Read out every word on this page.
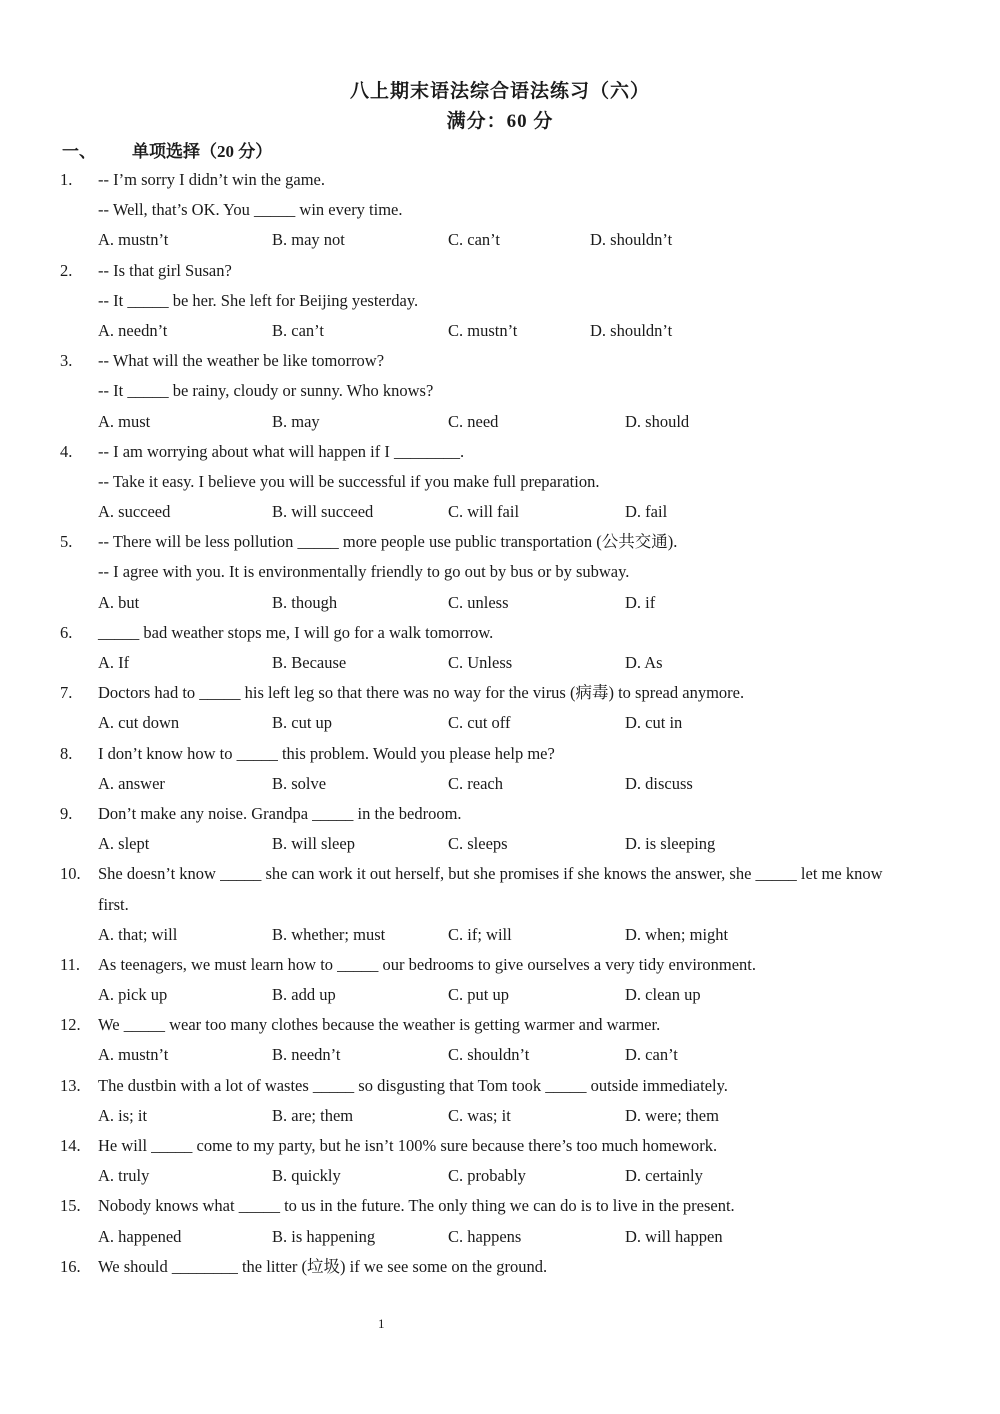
八上期末语法综合语法练习（六）
满分：60 分
一、 单项选择（20 分）
1. -- I’m sorry I didn’t win the game.
-- Well, that’s OK. You _____ win every time.
A. mustn’t	B. may not	C. can’t	D. shouldn’t
2. -- Is that girl Susan?
-- It _____ be her. She left for Beijing yesterday.
A. needn’t	B. can’t	C. mustn’t	D. shouldn’t
3. -- What will the weather be like tomorrow?
-- It _____ be rainy, cloudy or sunny. Who knows?
A. must	B. may	C. need	D. should
4. -- I am worrying about what will happen if I ________.
-- Take it easy. I believe you will be successful if you make full preparation.
A. succeed	B. will succeed	C. will fail	D. fail
5. -- There will be less pollution _____ more people use public transportation (公共交通).
-- I agree with you. It is environmentally friendly to go out by bus or by subway.
A. but	B. though	C. unless	D. if
6. _____ bad weather stops me, I will go for a walk tomorrow.
A. If	B. Because	C. Unless	D. As
7. Doctors had to _____ his left leg so that there was no way for the virus (病毒) to spread anymore.
A. cut down	B. cut up	C. cut off	D. cut in
8. I don’t know how to _____ this problem. Would you please help me?
A. answer	B. solve	C. reach	D. discuss
9. Don’t make any noise. Grandpa _____ in the bedroom.
A. slept	B. will sleep	C. sleeps	D. is sleeping
10. She doesn’t know _____ she can work it out herself, but she promises if she knows the answer, she _____ let me know
first.
A. that; will	B. whether; must	C. if; will	D. when; might
11. As teenagers, we must learn how to _____ our bedrooms to give ourselves a very tidy environment.
A. pick up	B. add up	C. put up	D. clean up
12. We _____ wear too many clothes because the weather is getting warmer and warmer.
A. mustn’t	B. needn’t	C. shouldn’t	D. can’t
13. The dustbin with a lot of wastes _____ so disgusting that Tom took _____ outside immediately.
A. is; it	B. are; them	C. was; it	D. were; them
14. He will _____ come to my party, but he isn’t 100% sure because there’s too much homework.
A. truly	B. quickly	C. probably	D. certainly
15. Nobody knows what _____ to us in the future. The only thing we can do is to live in the present.
A. happened	B. is happening	C. happens	D. will happen
16. We should ________ the litter (垃圾) if we see some on the ground.
1
